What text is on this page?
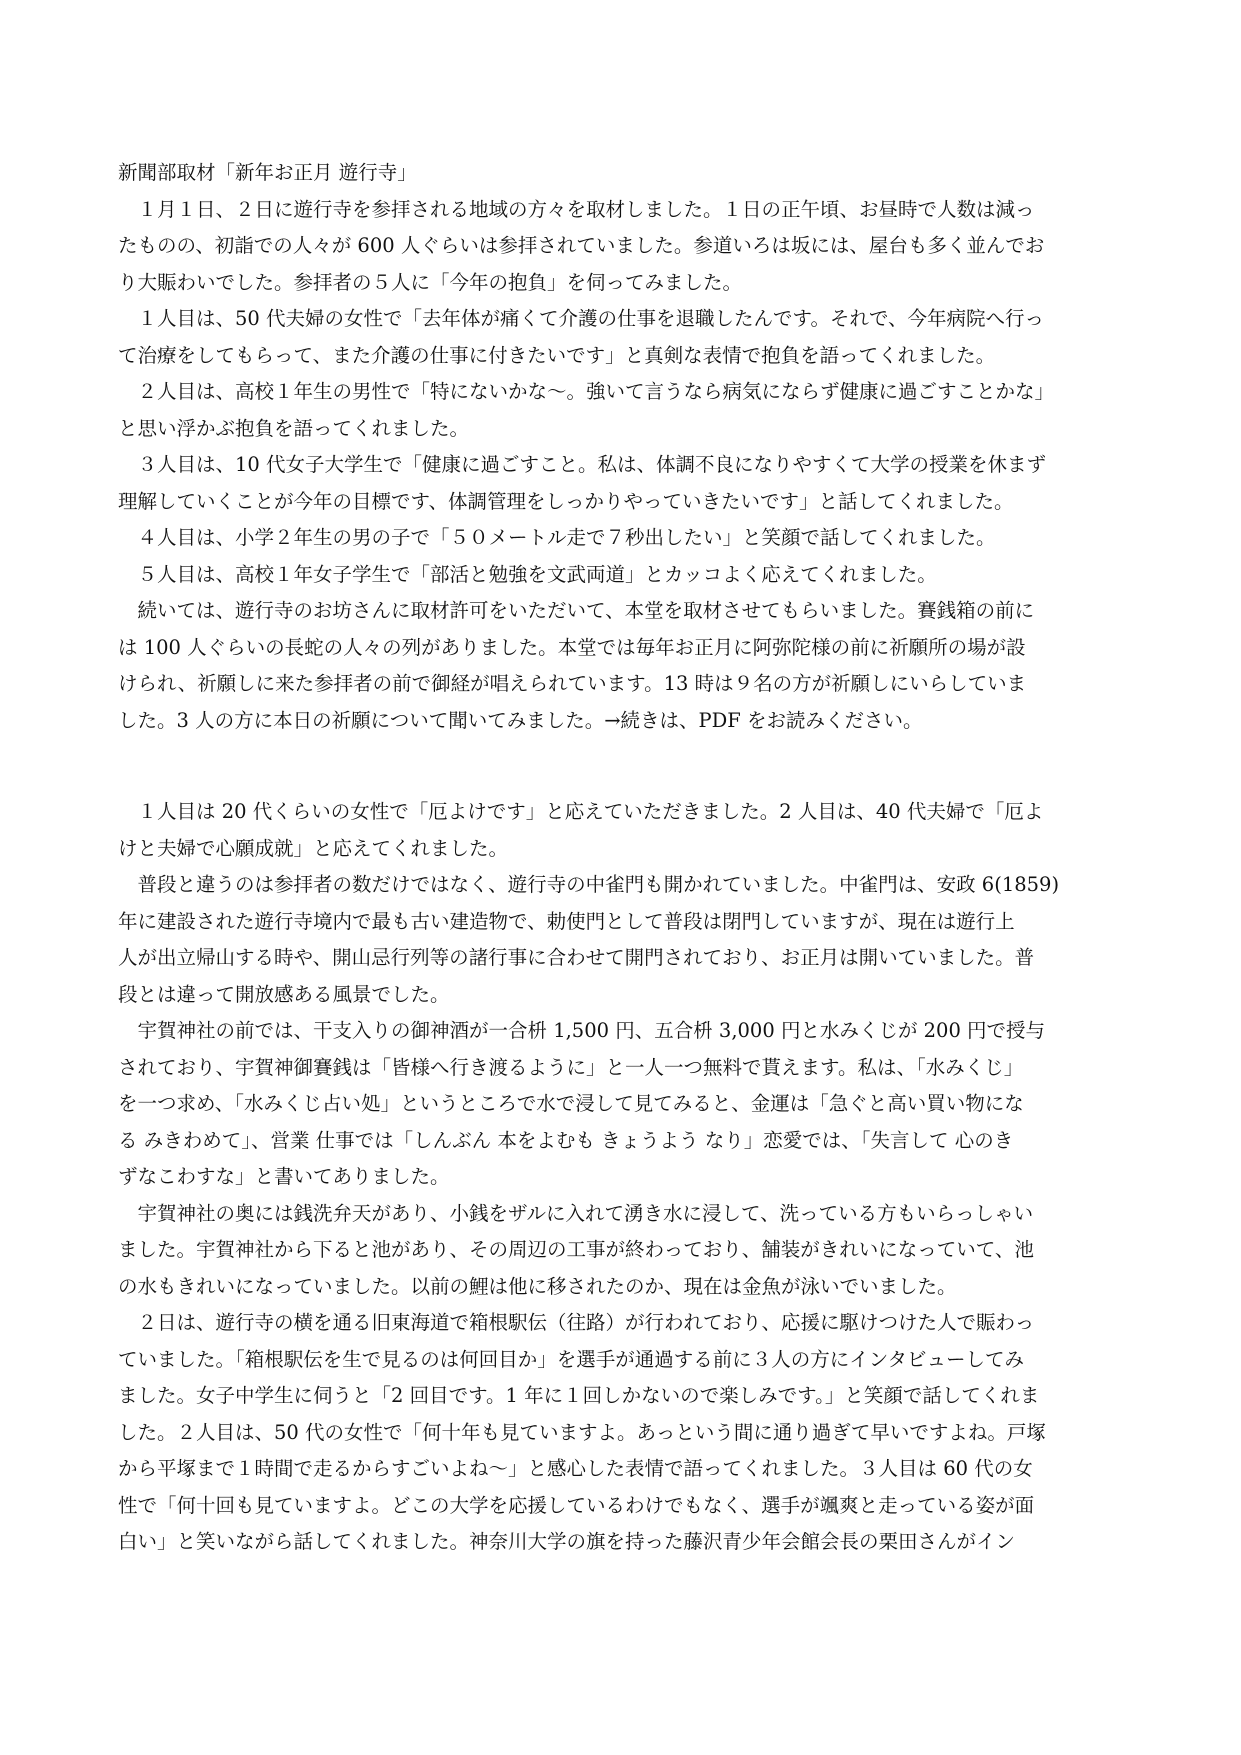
新聞部取材「新年お正月 遊行寺」
　１月１日、２日に遊行寺を参拝される地域の方々を取材しました。１日の正午頃、お昼時で人数は減っ
たものの、初詣での人々が 600 人ぐらいは参拝されていました。参道いろは坂には、屋台も多く並んでお
り大賑わいでした。参拝者の５人に「今年の抱負」を伺ってみました。
　１人目は、50 代夫婦の女性で「去年体が痛くて介護の仕事を退職したんです。それで、今年病院へ行っ
て治療をしてもらって、また介護の仕事に付きたいです」と真剣な表情で抱負を語ってくれました。
　２人目は、高校１年生の男性で「特にないかな～。強いて言うなら病気にならず健康に過ごすことかな」
と思い浮かぶ抱負を語ってくれました。
　３人目は、10 代女子大学生で「健康に過ごすこと。私は、体調不良になりやすくて大学の授業を休まず
理解していくことが今年の目標です、体調管理をしっかりやっていきたいです」と話してくれました。
　４人目は、小学２年生の男の子で「５０メートル走で７秒出したい」と笑顔で話してくれました。
　５人目は、高校１年女子学生で「部活と勉強を文武両道」とカッコよく応えてくれました。
　続いては、遊行寺のお坊さんに取材許可をいただいて、本堂を取材させてもらいました。賽銭箱の前に
は 100 人ぐらいの長蛇の人々の列がありました。本堂では毎年お正月に阿弥陀様の前に祈願所の場が設
けられ、祈願しに来た参拝者の前で御経が唱えられています。13 時は９名の方が祈願しにいらしていま
した。3 人の方に本日の祈願について聞いてみました。→続きは、PDF をお読みください。
　１人目は 20 代くらいの女性で「厄よけです」と応えていただきました。2 人目は、40 代夫婦で「厄よ
けと夫婦で心願成就」と応えてくれました。
　普段と違うのは参拝者の数だけではなく、遊行寺の中雀門も開かれていました。中雀門は、安政 6(1859)
年に建設された遊行寺境内で最も古い建造物で、勅使門として普段は閉門していますが、現在は遊行上
人が出立帰山する時や、開山忌行列等の諸行事に合わせて開門されており、お正月は開いていました。普
段とは違って開放感ある風景でした。
　宇賀神社の前では、干支入りの御神酒が一合枡 1,500 円、五合枡 3,000 円と水みくじが 200 円で授与
されており、宇賀神御賽銭は「皆様へ行き渡るように」と一人一つ無料で貰えます。私は、「水みくじ」
を一つ求め、「水みくじ占い処」というところで水で浸して見てみると、金運は「急ぐと高い買い物にな
る みきわめて」、営業 仕事では「しんぶん 本をよむも きょうよう なり」恋愛では、「失言して 心のき
ずなこわすな」と書いてありました。
　宇賀神社の奥には銭洗弁天があり、小銭をザルに入れて湧き水に浸して、洗っている方もいらっしゃい
ました。宇賀神社から下ると池があり、その周辺の工事が終わっており、舗装がきれいになっていて、池
の水もきれいになっていました。以前の鯉は他に移されたのか、現在は金魚が泳いでいました。
　２日は、遊行寺の横を通る旧東海道で箱根駅伝（往路）が行われており、応援に駆けつけた人で賑わっ
ていました。「箱根駅伝を生で見るのは何回目か」を選手が通過する前に３人の方にインタビューしてみ
ました。女子中学生に伺うと「2 回目です。1 年に１回しかないので楽しみです。」と笑顔で話してくれま
した。２人目は、50 代の女性で「何十年も見ていますよ。あっという間に通り過ぎて早いですよね。戸塚
から平塚まで１時間で走るからすごいよね～」と感心した表情で語ってくれました。３人目は 60 代の女
性で「何十回も見ていますよ。どこの大学を応援しているわけでもなく、選手が颯爽と走っている姿が面
白い」と笑いながら話してくれました。神奈川大学の旗を持った藤沢青少年会館会長の栗田さんがイン
